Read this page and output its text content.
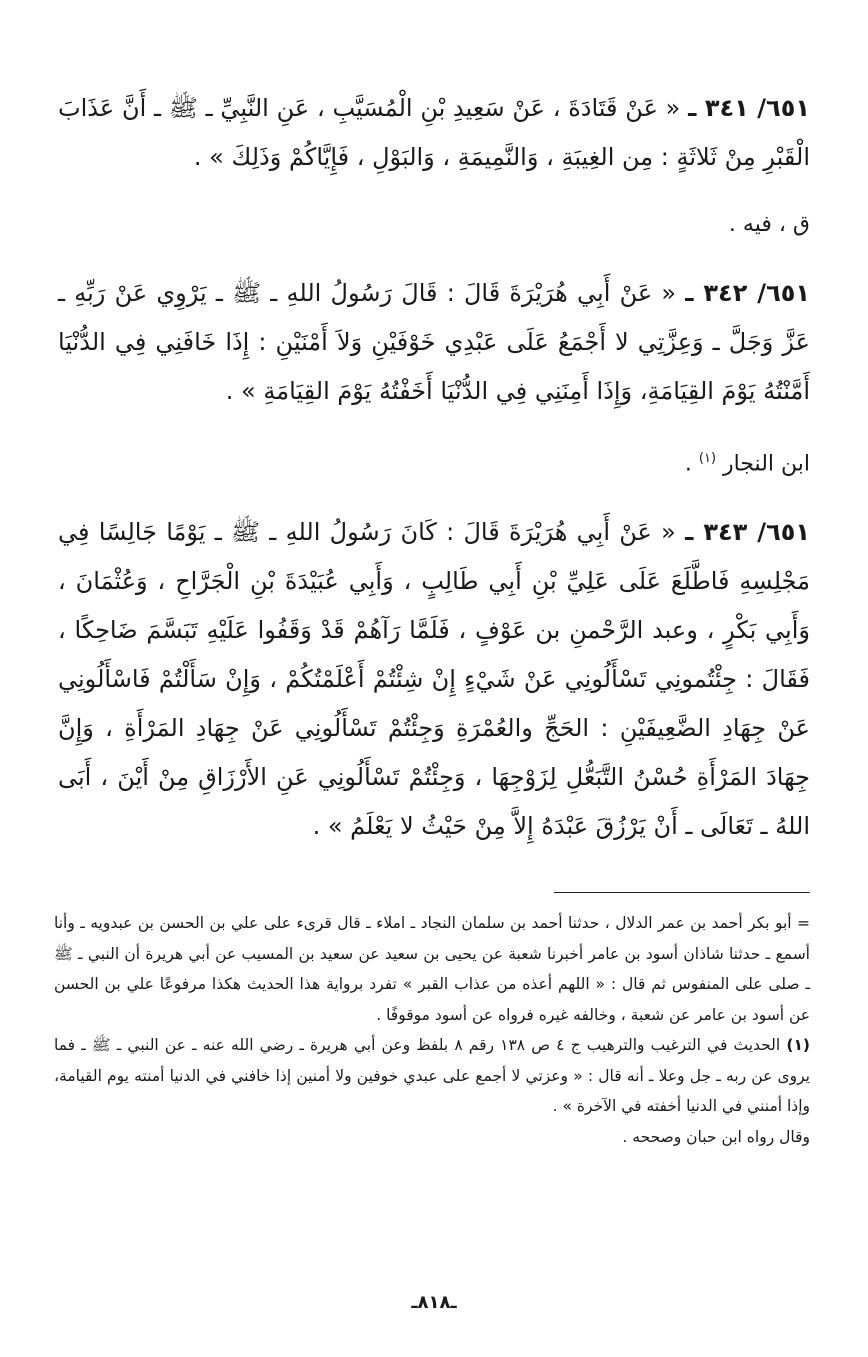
٦٥١/ ٣٤١ ـ « عَنْ قَتَادَةَ ، عَنْ سَعِيدِ بْنِ الْمُسَيَّبِ ، عَنِ النَّبِيِّ ـ ﷺ ـ أَنَّ عَذَابَ الْقَبْرِ مِنْ ثَلاثَةٍ : مِن الغِيبَةِ ، وَالنَّمِيمَةِ ، وَالبَوْلِ ، فَإِيَّاكُمْ وَذَلِكَ » .

ق ، فيه .

٦٥١/ ٣٤٢ ـ « عَنْ أَبِي هُرَيْرَةَ قَالَ : قَالَ رَسُولُ اللهِ ـ ﷺ ـ يَرْوِي عَنْ رَبِّهِ ـ عَزَّ وَجَلَّ ـ وَعِزَّتِي لا أَجْمَعُ عَلَى عَبْدِي خَوْفَيْنِ وَلاَ أَمْنَيْنِ : إِذَا خَافَنِي فِي الدُّنْيَا أَمَّنْتُهُ يَوْمَ القِيَامَةِ، وَإِذَا أَمِنَنِي فِي الدُّنْيَا أَخَفْتُهُ يَوْمَ القِيَامَةِ » .

ابن النجار $^{(١)}$ .

٦٥١/ ٣٤٣ ـ « عَنْ أَبِي هُرَيْرَةَ قَالَ : كَانَ رَسُولُ اللهِ ـ ﷺ ـ يَوْمًا جَالِسًا فِي مَجْلِسِهِ فَاطَّلَعَ عَلَى عَلِيِّ بْنِ أَبِي طَالِبٍ ، وَأَبِي عُبَيْدَةَ بْنِ الْجَرَّاحِ ، وَعُثْمَانَ ، وَأَبِي بَكْرٍ ، وعبد الرَّحْمنِ بن عَوْفٍ ، فَلَمَّا رَآهُمْ قَدْ وَقَفُوا عَلَيْهِ تَبَسَّمَ ضَاحِكًا ، فَقَالَ : جِئْتُمونِي تَسْأَلُونِي عَنْ شَيْءٍ إِنْ شِئْتُمْ أَعْلَمْتُكُمْ ، وَإِنْ سَأَلْتُمْ فَاسْأَلُونِي عَنْ جِهَادِ الضَّعِيفَيْنِ : الحَجِّ والعُمْرَةِ وَجِئْتُمْ تَسْأَلُونِي عَنْ جِهَادِ المَرْأَةِ ، وَإِنَّ جِهَادَ المَرْأَةِ حُسْنُ التَّبَعُّلِ لِزَوْجِهَا ، وَجِئْتُمْ تَسْأَلُونِي عَنِ الأَرْزَاقِ مِنْ أَيْنَ ، أَبَى اللهُ ـ تَعَالَى ـ أَنْ يَرْزُقَ عَبْدَهُ إِلاَّ مِنْ حَيْثُ لا يَعْلَمُ » .

= أبو بكر أحمد بن عمر الدلال ، حدثنا أحمد بن سلمان النجاد ـ املاء ـ قال قرىء على علي بن الحسن بن عبدويه ـ وأنا أسمع ـ حدثنا شاذان أسود بن عامر أخبرنا شعبة عن يحيى بن سعيد عن سعيد بن المسيب عن أبي هريرة أن النبي ـ ﷺ ـ صلى على المنفوس ثم قال : « اللهم أعذه من عذاب القبر » تفرد برواية هذا الحديث هكذا مرفوعًا علي بن الحسن عن أسود بن عامر عن شعبة ، وخالفه غيره فرواه عن أسود موقوفًا .

(١) الحديث في الترغيب والترهيب ج ٤ ص ١٣٨ رقم ٨ بلفظ وعن أبي هريرة ـ رضي الله عنه ـ عن النبي ـ ﷺ ـ فما يروى عن ربه ـ جل وعلا ـ أنه قال : « وعزتي لا أجمع على عبدي خوفين ولا أمنين إذا خافني في الدنيا أمنته يوم القيامة، وإذا أمنني في الدنيا أخفته في الآخرة » .

وقال رواه ابن حبان وصححه .

ـ٨١٨ـ
